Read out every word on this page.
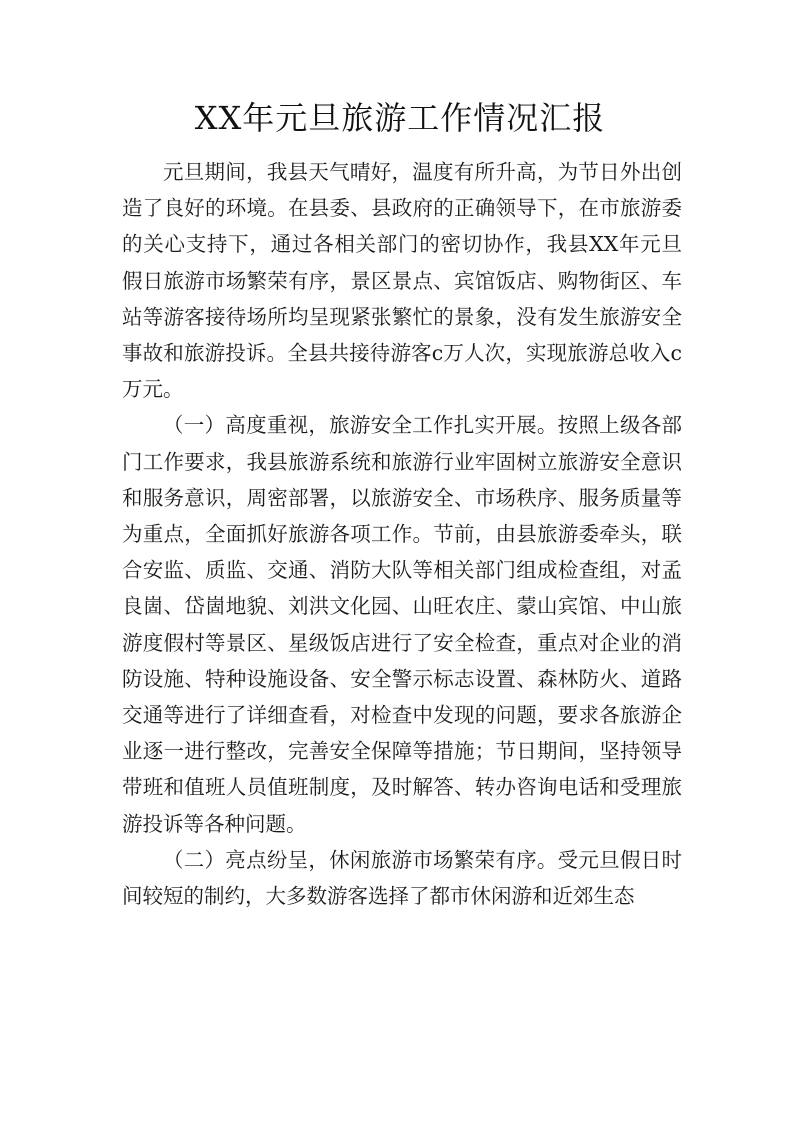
XX年元旦旅游工作情况汇报

元旦期间，我县天气晴好，温度有所升高，为节日外出创造了良好的环境。在县委、县政府的正确领导下，在市旅游委的关心支持下，通过各相关部门的密切协作，我县XX年元旦假日旅游市场繁荣有序，景区景点、宾馆饭店、购物街区、车站等游客接待场所均呈现紧张繁忙的景象，没有发生旅游安全事故和旅游投诉。全县共接待游客c万人次，实现旅游总收入c万元。

（一）高度重视，旅游安全工作扎实开展。按照上级各部门工作要求，我县旅游系统和旅游行业牢固树立旅游安全意识和服务意识，周密部署，以旅游安全、市场秩序、服务质量等为重点，全面抓好旅游各项工作。节前，由县旅游委牵头，联合安监、质监、交通、消防大队等相关部门组成检查组，对孟良崮、岱崮地貌、刘洪文化园、山旺农庄、蒙山宾馆、中山旅游度假村等景区、星级饭店进行了安全检查，重点对企业的消防设施、特种设施设备、安全警示标志设置、森林防火、道路交通等进行了详细查看，对检查中发现的问题，要求各旅游企业逐一进行整改，完善安全保障等措施；节日期间，坚持领导带班和值班人员值班制度，及时解答、转办咨询电话和受理旅游投诉等各种问题。

（二）亮点纷呈，休闲旅游市场繁荣有序。受元旦假日时间较短的制约，大多数游客选择了都市休闲游和近郊生态
